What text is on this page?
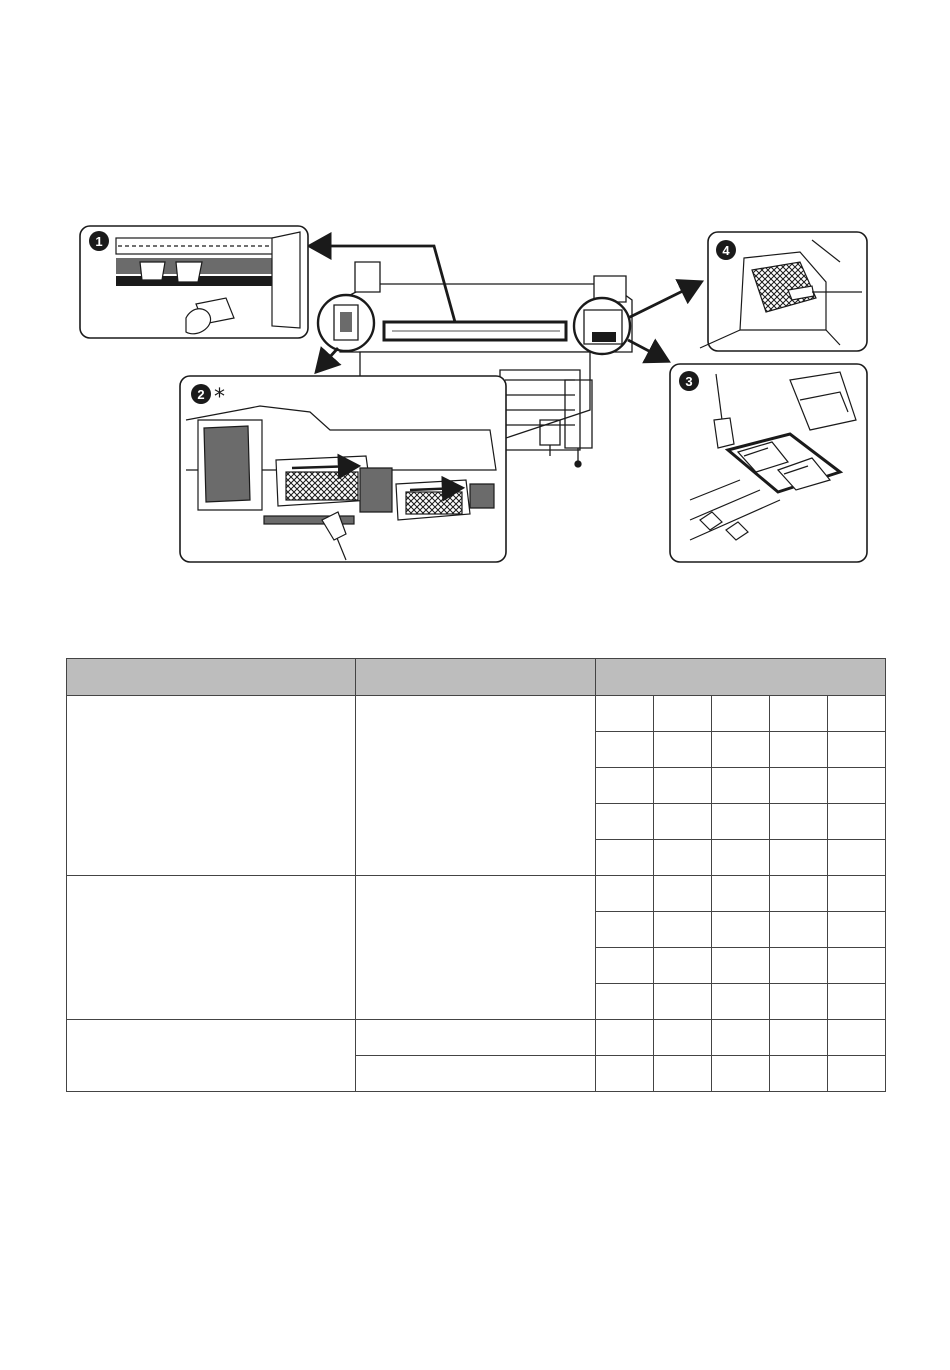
1
2 *
4
3
